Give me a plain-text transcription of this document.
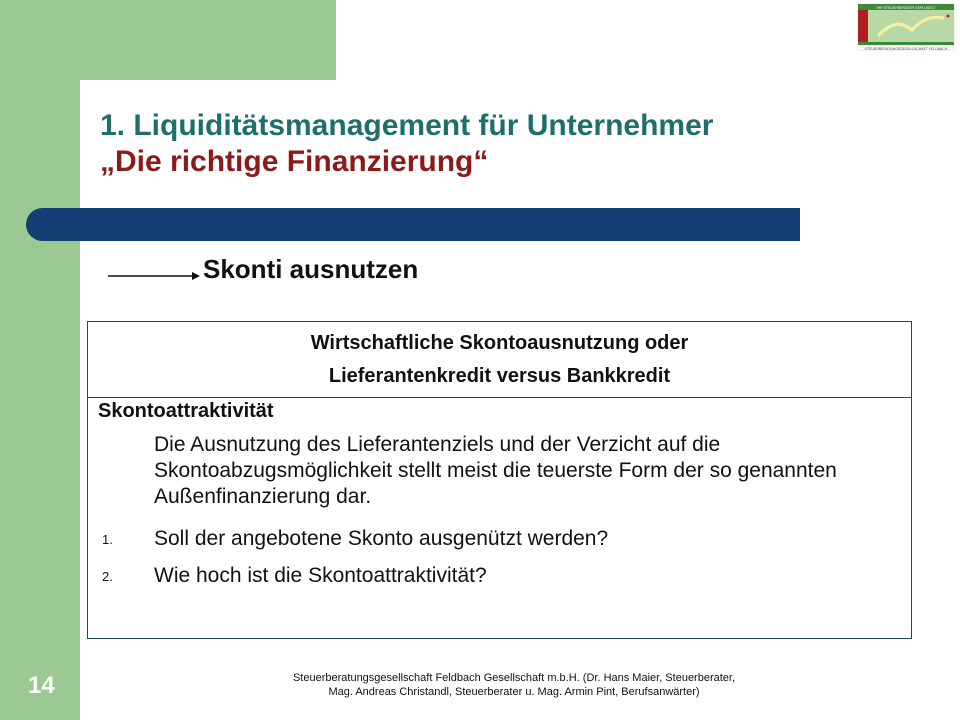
IHR STEUERBERATER GEPLÜSELT
STEUERBERATUNGSGESELLSCHAFT FELDBACH
1. Liquiditätsmanagement für Unternehmer
„Die richtige Finanzierung“
Skonti ausnutzen
Wirtschaftliche Skontoausnutzung oder
Lieferantenkredit versus Bankkredit
Skontoattraktivität
Die Ausnutzung des Lieferantenziels und der Verzicht auf die Skontoabzugsmöglichkeit stellt meist die teuerste Form der so genannten Außenfinanzierung dar.
1. Soll der angebotene Skonto ausgenützt werden?
2. Wie hoch ist die Skontoattraktivität?
14	Steuerberatungsgesellschaft Feldbach Gesellschaft m.b.H. (Dr. Hans Maier, Steuerberater,
Mag. Andreas Christandl, Steuerberater u. Mag. Armin Pint, Berufsanwärter)
